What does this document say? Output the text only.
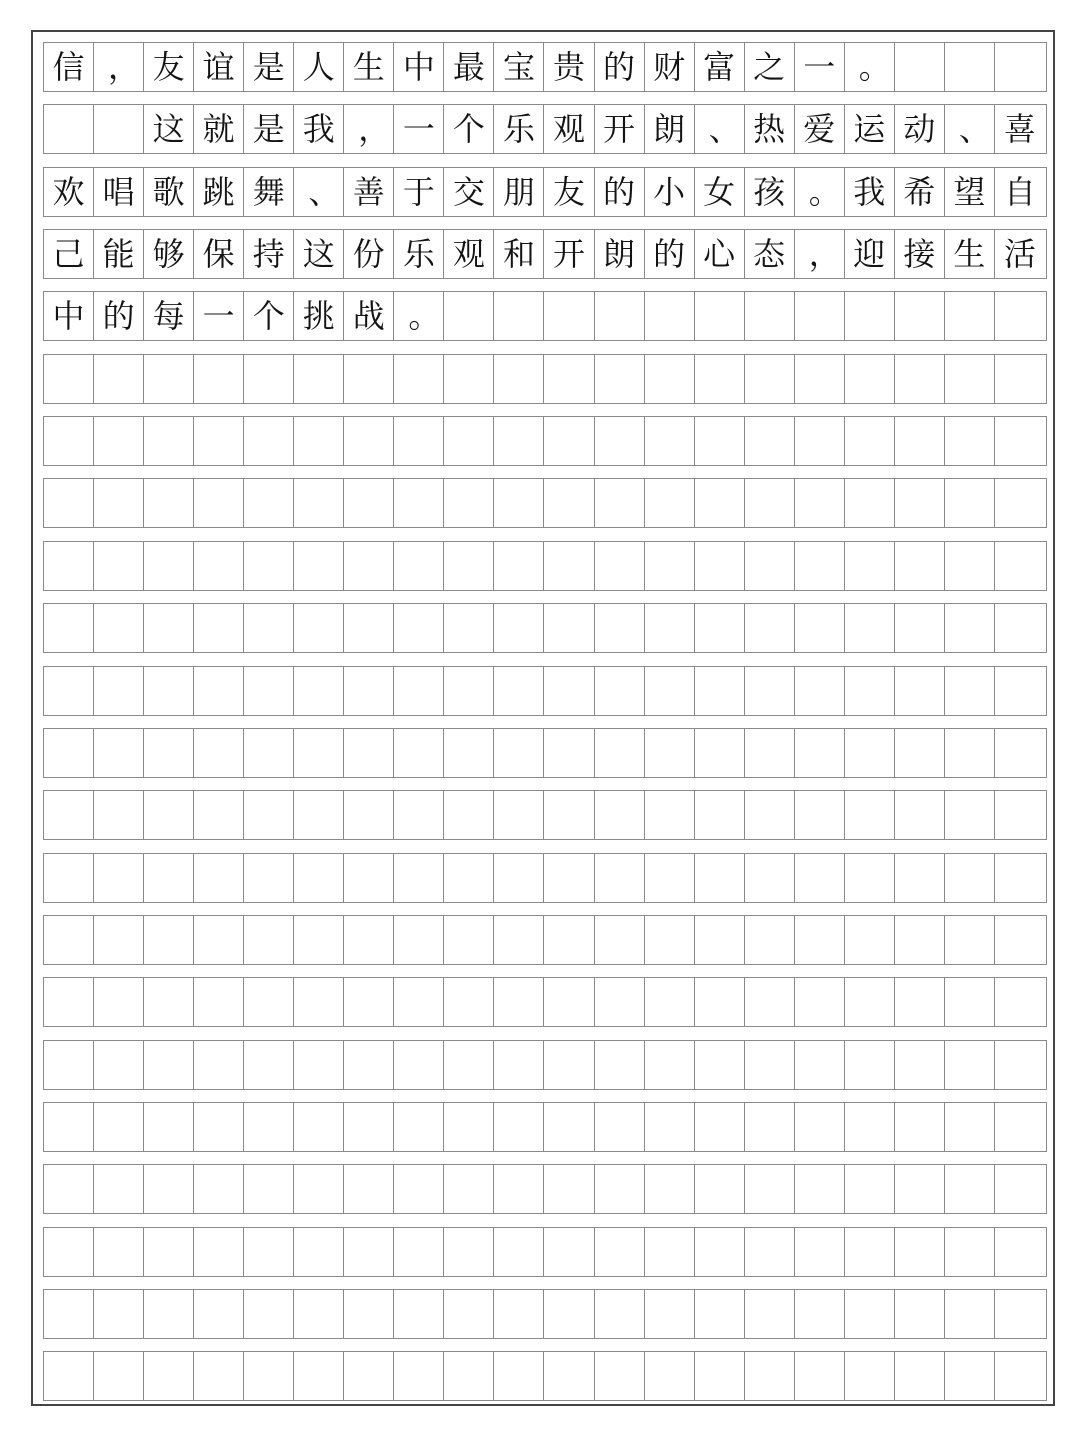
信 ， 友 谊 是 人 生 中 最 宝 贵 的 财 富 之 一 。
这 就 是 我 ， 一 个 乐 观 开 朗 、 热 爱 运 动 、 喜
欢 唱 歌 跳 舞 、 善 于 交 朋 友 的 小 女 孩 。 我 希 望 自
己 能 够 保 持 这 份 乐 观 和 开 朗 的 心 态 ， 迎 接 生 活
中 的 每 一 个 挑 战 。
